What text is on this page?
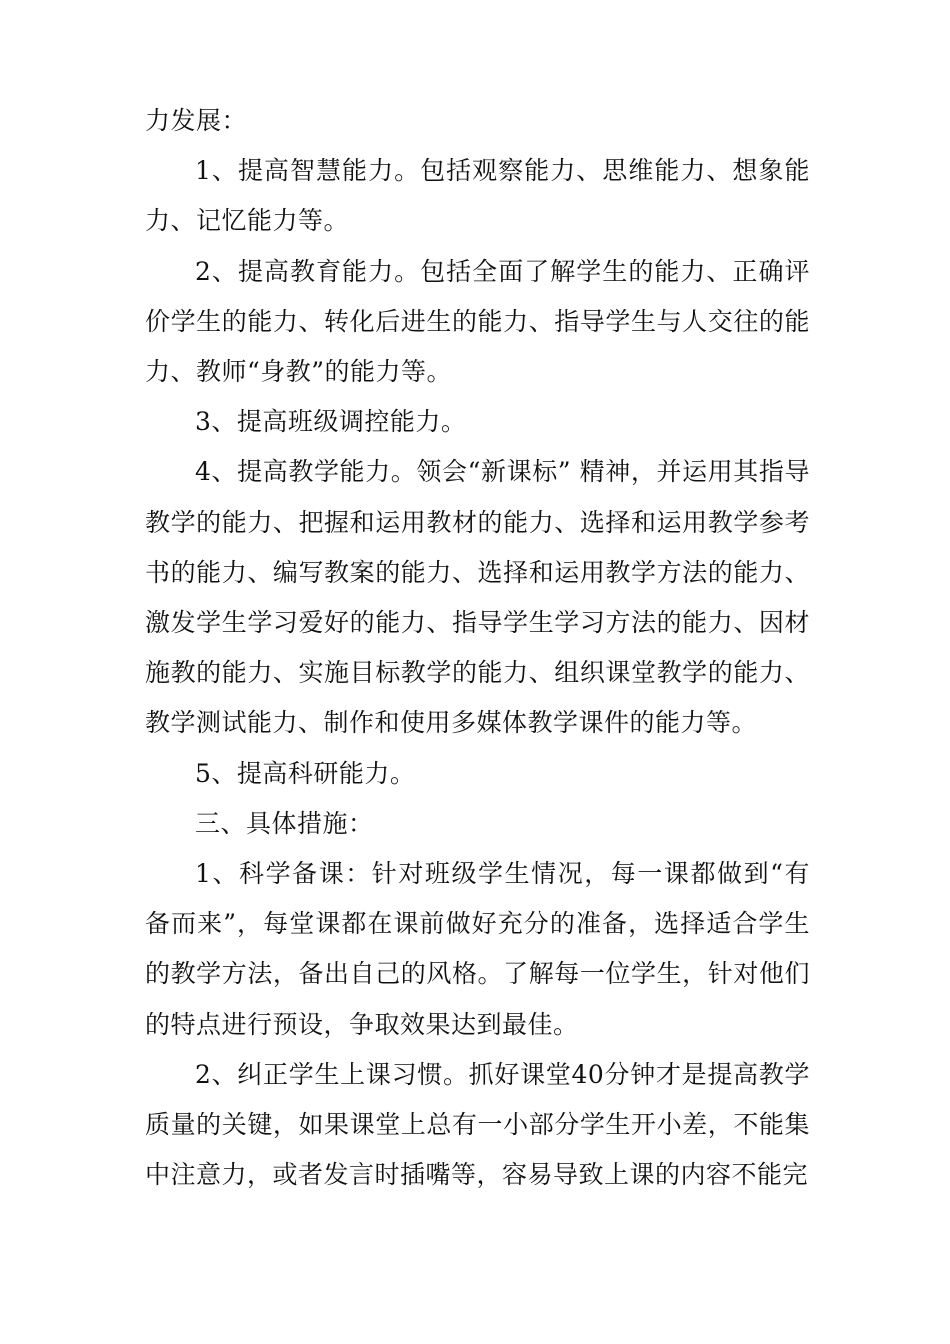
力发展：

1、提高智慧能力。包括观察能力、思维能力、想象能力、记忆能力等。

2、提高教育能力。包括全面了解学生的能力、正确评价学生的能力、转化后进生的能力、指导学生与人交往的能力、教师“身教”的能力等。

3、提高班级调控能力。

4、提高教学能力。领会“新课标” 精神，并运用其指导教学的能力、把握和运用教材的能力、选择和运用教学参考书的能力、编写教案的能力、选择和运用教学方法的能力、激发学生学习爱好的能力、指导学生学习方法的能力、因材施教的能力、实施目标教学的能力、组织课堂教学的能力、教学测试能力、制作和使用多媒体教学课件的能力等。

5、提高科研能力。

三、具体措施：

1、科学备课：针对班级学生情况，每一课都做到“有备而来”，每堂课都在课前做好充分的准备，选择适合学生的教学方法，备出自己的风格。了解每一位学生，针对他们的特点进行预设，争取效果达到最佳。

2、纠正学生上课习惯。抓好课堂40分钟才是提高教学质量的关键，如果课堂上总有一小部分学生开小差，不能集中注意力，或者发言时插嘴等，容易导致上课的内容不能完
